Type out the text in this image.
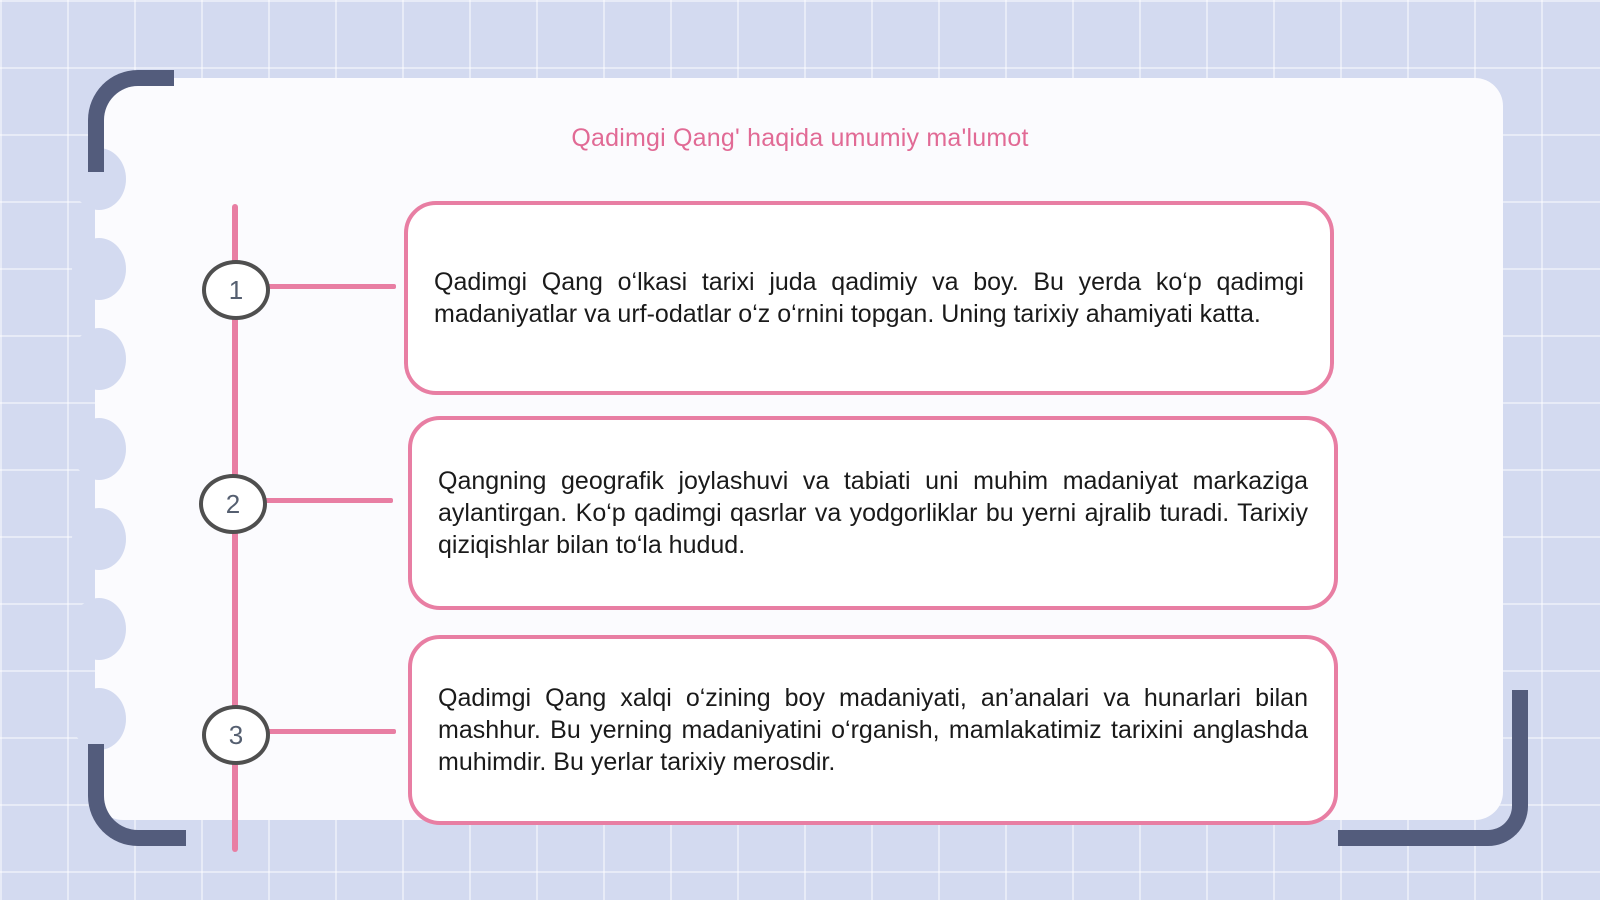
Qadimgi Qang' haqida umumiy ma'lumot
1
2
3
Qadimgi Qang o‘lkasi tarixi juda qadimiy va boy. Bu yerda ko‘p qadimgi madaniyatlar va urf-odatlar o‘z o‘rnini topgan. Uning tarixiy ahamiyati katta.
Qangning geografik joylashuvi va tabiati uni muhim madaniyat markaziga aylantirgan. Ko‘p qadimgi qasrlar va yodgorliklar bu yerni ajralib turadi. Tarixiy qiziqishlar bilan to‘la hudud.
Qadimgi Qang xalqi o‘zining boy madaniyati, an’analari va hunarlari bilan mashhur. Bu yerning madaniyatini o‘rganish, mamlakatimiz tarixini anglashda muhimdir. Bu yerlar tarixiy merosdir.
